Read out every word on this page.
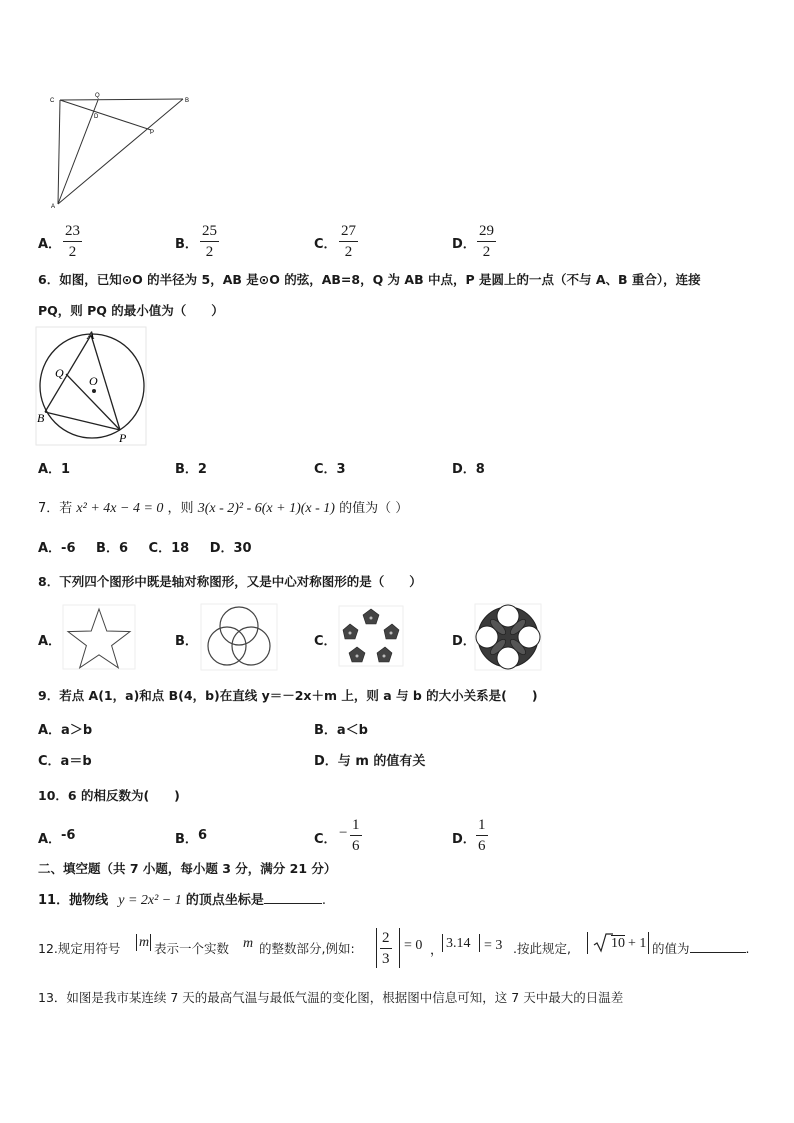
C
Q
B
D
P
A
A．
23
2	B．
25
2	C．
27
2	D．
29
2
6．如图，已知⊙O 的半径为 5，AB 是⊙O 的弦，AB=8，Q 为 AB 中点，P 是圆上的一点（不与 A、B 重合），连接
PQ，则 PQ 的最小值为（　　）
A
Q
O
B
P
A．1	B．2	C．3	D．8
7．若 x² + 4x − 4 = 0 ，则 3(x - 2)² - 6(x + 1)(x - 1) 的值为（ ）
A．-6 B．6 C．18 D．30
8．下列四个图形中既是轴对称图形，又是中心对称图形的是（　　）
A．	B．	C．	D．
9．若点 A(1，a)和点 B(4，b)在直线 y＝－2x＋m 上，则 a 与 b 的大小关系是(　　)
A．a＞b	B．a＜b
C．a＝b	D．与 m 的值有关
10．6 的相反数为(　　)
A． -6	B． 6	C． − 1
6	D．
1
6
二、填空题（共 7 小题，每小题 3 分，满分 21 分）
11．抛物线 y = 2x² − 1 的顶点坐标是	.
12.规定用符号 m 表示一个实数 m 的整数部分,例如:
2
3
= 0 ， 3.14 = 3 .按此规定,	10 + 1 的值为	.
13．如图是我市某连续 7 天的最高气温与最低气温的变化图，根据图中信息可知，这 7 天中最大的日温差
